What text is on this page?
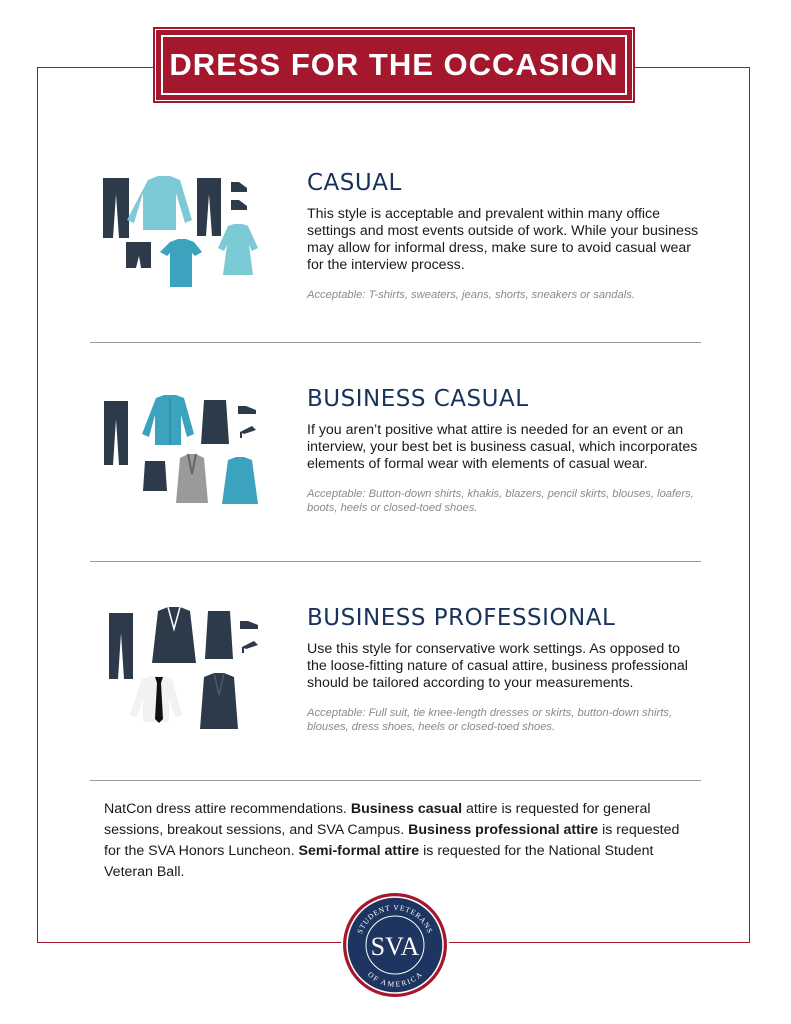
DRESS FOR THE OCCASION
CASUAL

This style is acceptable and prevalent within many office settings and most events outside of work. While your business may allow for informal dress, make sure to avoid casual wear for the interview process.

Acceptable: T-shirts, sweaters, jeans, shorts, sneakers or sandals.

BUSINESS CASUAL

If you aren’t positive what attire is needed for an event or an interview, your best bet is business casual, which incorporates elements of formal wear with elements of casual wear.

Acceptable: Button-down shirts, khakis, blazers, pencil skirts, blouses, loafers, boots, heels or closed-toed shoes.

BUSINESS PROFESSIONAL

Use this style for conservative work settings. As opposed to the loose-fitting nature of casual attire, business professional should be tailored according to your measurements.

Acceptable: Full suit, tie knee-length dresses or skirts, button-down shirts, blouses, dress shoes, heels or closed-toed shoes.

NatCon dress attire recommendations. Business casual attire is requested for general sessions, breakout sessions, and SVA Campus. Business professional attire is requested for the SVA Honors Luncheon. Semi-formal attire is requested for the National Student Veteran Ball.
STUDENT VETERANS
OF AMERICA
SVA
